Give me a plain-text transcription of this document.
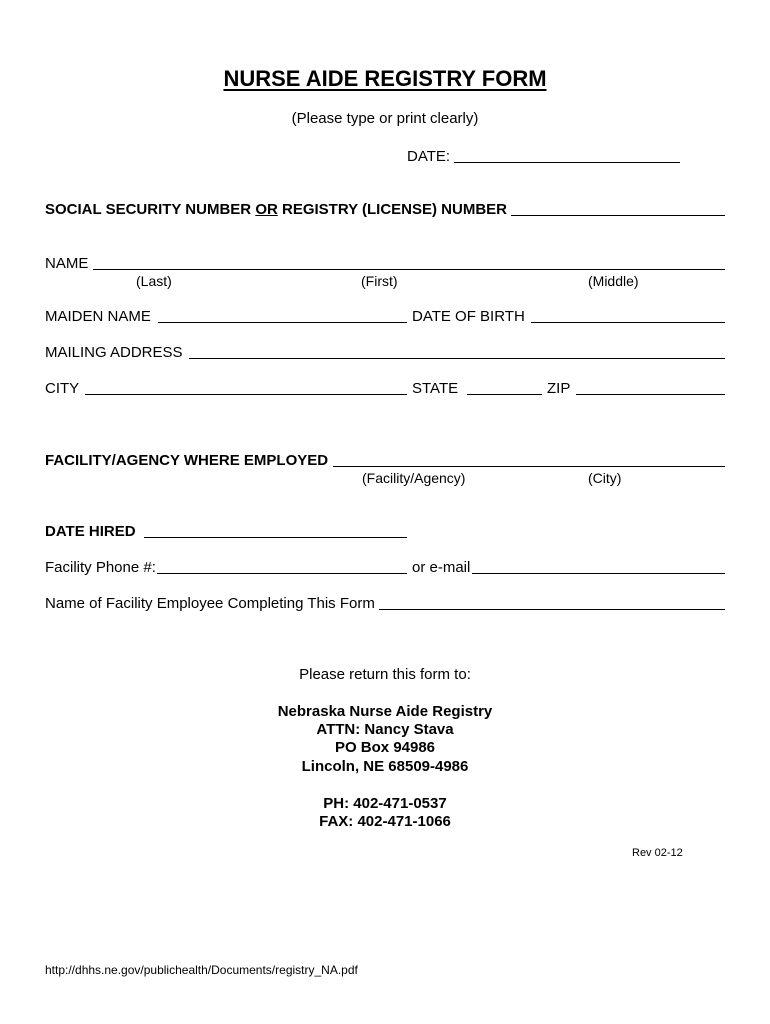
NURSE AIDE REGISTRY FORM
(Please type or print clearly)
DATE:
SOCIAL SECURITY NUMBER OR REGISTRY (LICENSE) NUMBER
NAME
(Last)	(First)	(Middle)
MAIDEN NAME	DATE OF BIRTH
MAILING ADDRESS
CITY	STATE	ZIP
FACILITY/AGENCY WHERE EMPLOYED
(Facility/Agency)	(City)
DATE HIRED
Facility Phone #:	or e-mail
Name of Facility Employee Completing This Form
Please return this form to:
Nebraska Nurse Aide Registry
ATTN: Nancy Stava
PO Box 94986
Lincoln, NE 68509-4986
PH: 402-471-0537
FAX: 402-471-1066
Rev 02-12
http://dhhs.ne.gov/publichealth/Documents/registry_NA.pdf
